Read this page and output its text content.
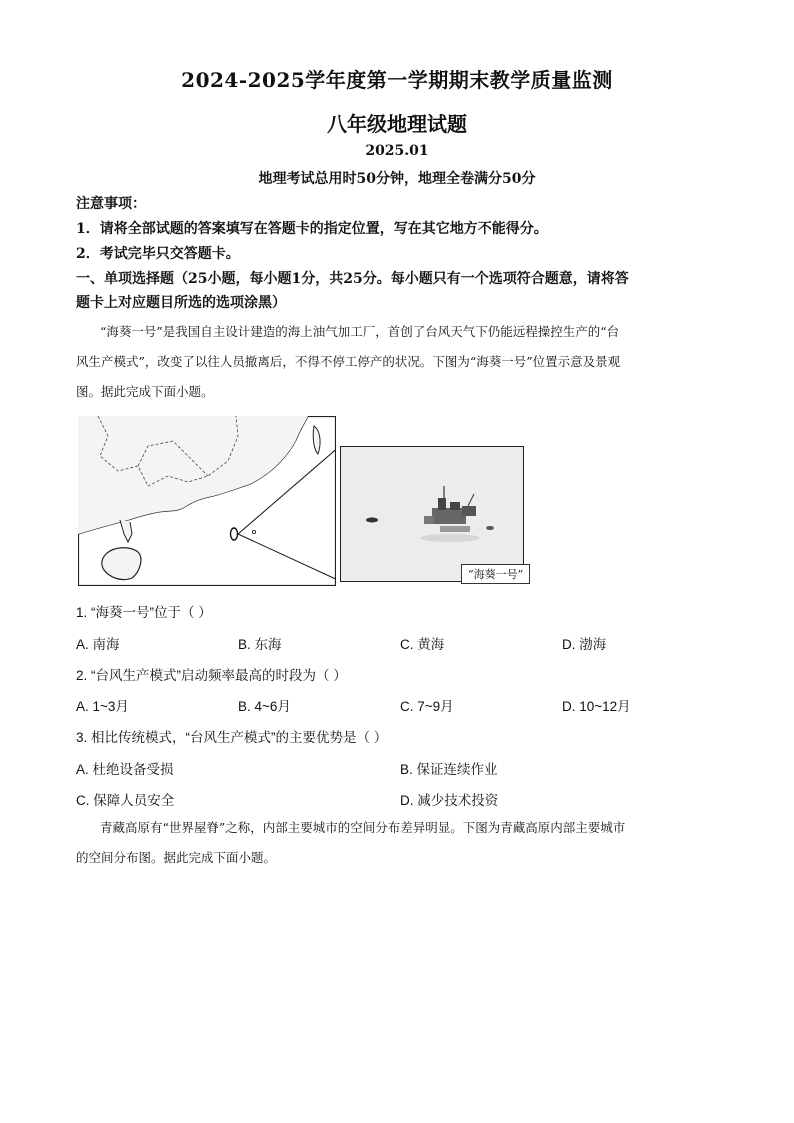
2024-2025学年度第一学期期末教学质量监测
八年级地理试题
2025.01
地理考试总用时50分钟，地理全卷满分50分
注意事项：
1．请将全部试题的答案填写在答题卡的指定位置，写在其它地方不能得分。
2．考试完毕只交答题卡。
一、单项选择题（25小题，每小题1分，共25分。每小题只有一个选项符合题意，请将答
题卡上对应题目所选的选项涂黑）
“海葵一号”是我国自主设计建造的海上油气加工厂，首创了台风天气下仍能远程操控生产的“台
风生产模式”，改变了以往人员撤离后，不得不停工停产的状况。下图为“海葵一号”位置示意及景观
图。据此完成下面小题。
“海葵一号”
1. “海葵一号”位于（ ）
A. 南海	B. 东海	C. 黄海	D. 渤海
2. “台风生产模式”启动频率最高的时段为（ ）
A. 1~3月	B. 4~6月	C. 7~9月	D. 10~12月
3. 相比传统模式，“台风生产模式”的主要优势是（ ）
A. 杜绝设备受损	B. 保证连续作业
C. 保障人员安全	D. 减少技术投资
青藏高原有“世界屋脊”之称，内部主要城市的空间分布差异明显。下图为青藏高原内部主要城市
的空间分布图。据此完成下面小题。
